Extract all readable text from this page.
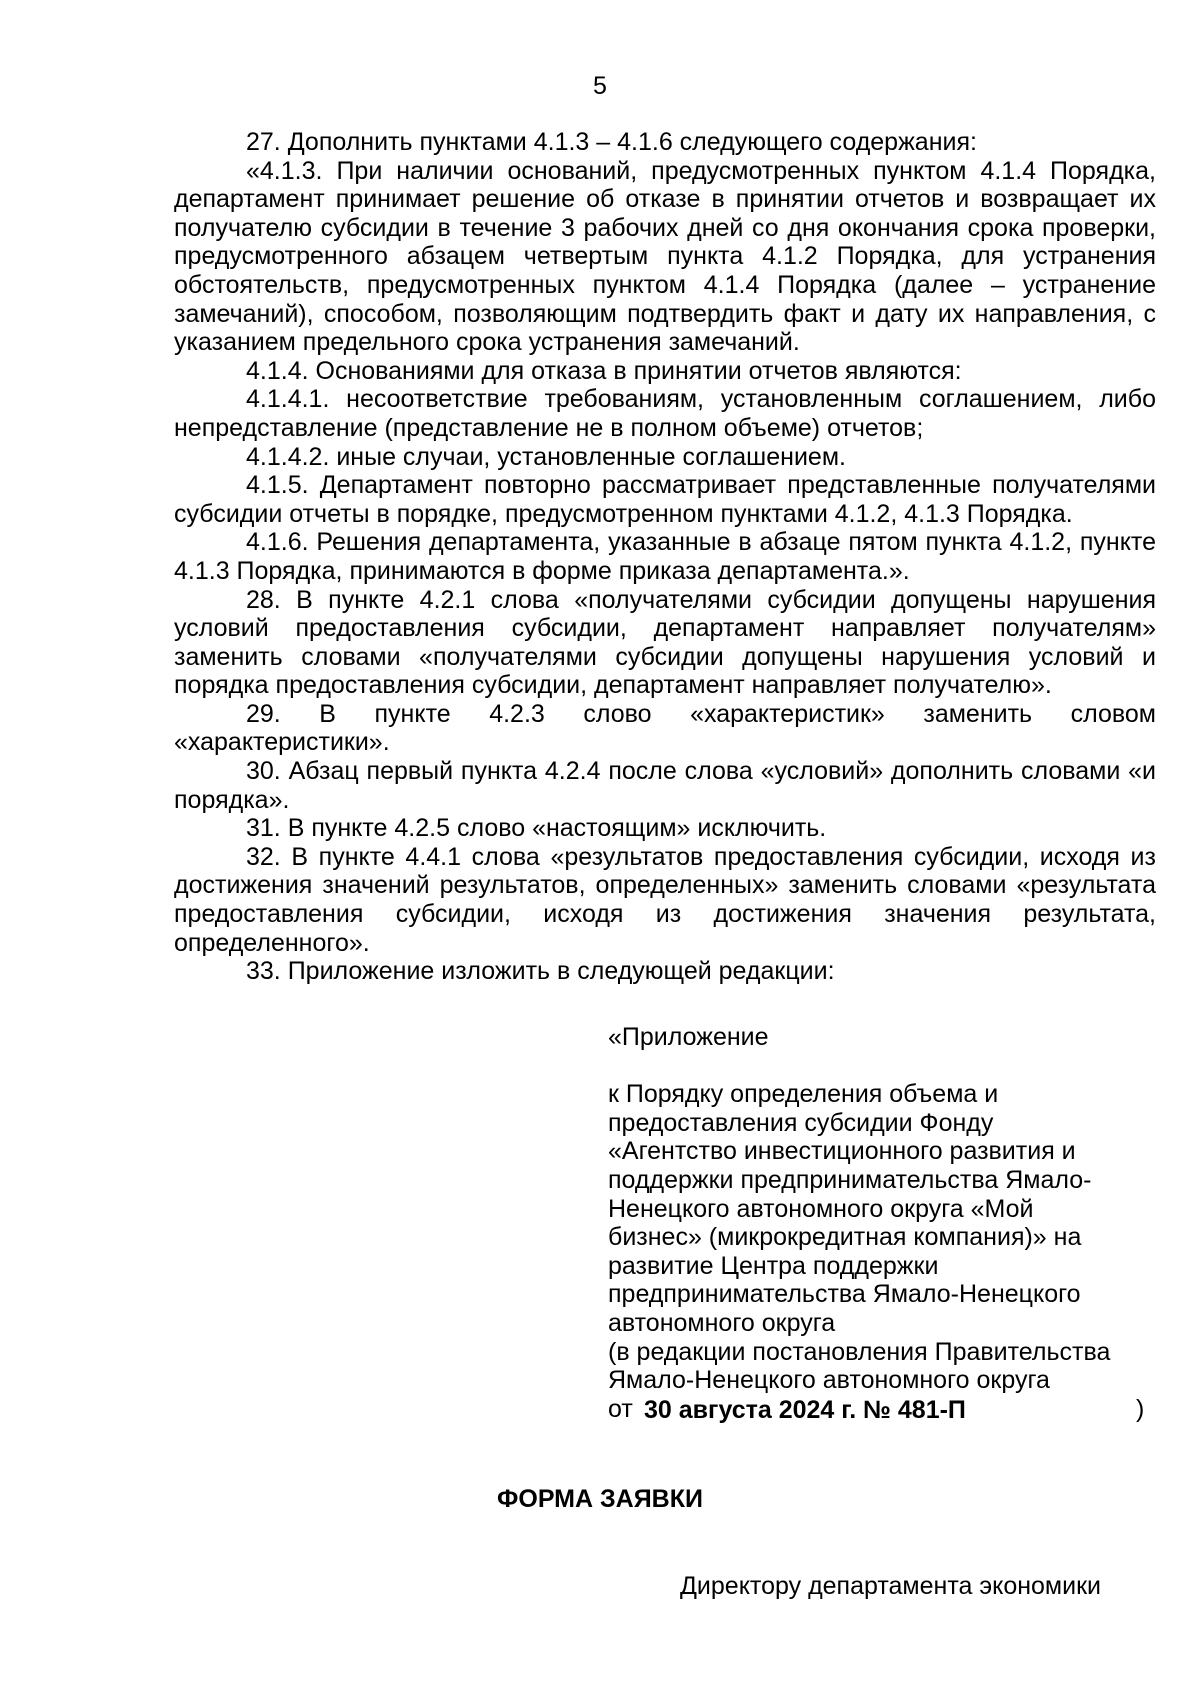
5

27. Дополнить пунктами 4.1.3 – 4.1.6 следующего содержания:

«4.1.3. При наличии оснований, предусмотренных пунктом 4.1.4 Порядка, департамент принимает решение об отказе в принятии отчетов и возвращает их получателю субсидии в течение 3 рабочих дней со дня окончания срока проверки, предусмотренного абзацем четвертым пункта 4.1.2 Порядка, для устранения обстоятельств, предусмотренных пунктом 4.1.4 Порядка (далее – устранение замечаний), способом, позволяющим подтвердить факт и дату их направления, с указанием предельного срока устранения замечаний.

4.1.4. Основаниями для отказа в принятии отчетов являются:

4.1.4.1. несоответствие требованиям, установленным соглашением, либо непредставление (представление не в полном объеме) отчетов;

4.1.4.2. иные случаи, установленные соглашением.

4.1.5. Департамент повторно рассматривает представленные получателями субсидии отчеты в порядке, предусмотренном пунктами 4.1.2, 4.1.3 Порядка.

4.1.6. Решения департамента, указанные в абзаце пятом пункта 4.1.2, пункте 4.1.3 Порядка, принимаются в форме приказа департамента.».

28. В пункте 4.2.1 слова «получателями субсидии допущены нарушения условий предоставления субсидии, департамент направляет получателям» заменить словами «получателями субсидии допущены нарушения условий и порядка предоставления субсидии, департамент направляет получателю».

29. В пункте 4.2.3 слово «характеристик» заменить словом «характеристики».

30. Абзац первый пункта 4.2.4 после слова «условий» дополнить словами «и порядка».

31. В пункте 4.2.5 слово «настоящим» исключить.

32. В пункте 4.4.1 слова «результатов предоставления субсидии, исходя из достижения значений результатов, определенных» заменить словами «результата предоставления субсидии, исходя из достижения значения результата, определенного».

33. Приложение изложить в следующей редакции:

«Приложение

к Порядку определения объема и

предоставления субсидии Фонду

«Агентство инвестиционного развития и

поддержки предпринимательства Ямало-

Ненецкого автономного округа «Мой

бизнес» (микрокредитная компания)» на

развитие Центра поддержки

предпринимательства Ямало-Ненецкого

автономного округа

(в редакции постановления Правительства

Ямало-Ненецкого автономного округа

от 30 августа 2024 г. № 481-П	)
ФОРМА ЗАЯВКИ
Директору департамента экономики
